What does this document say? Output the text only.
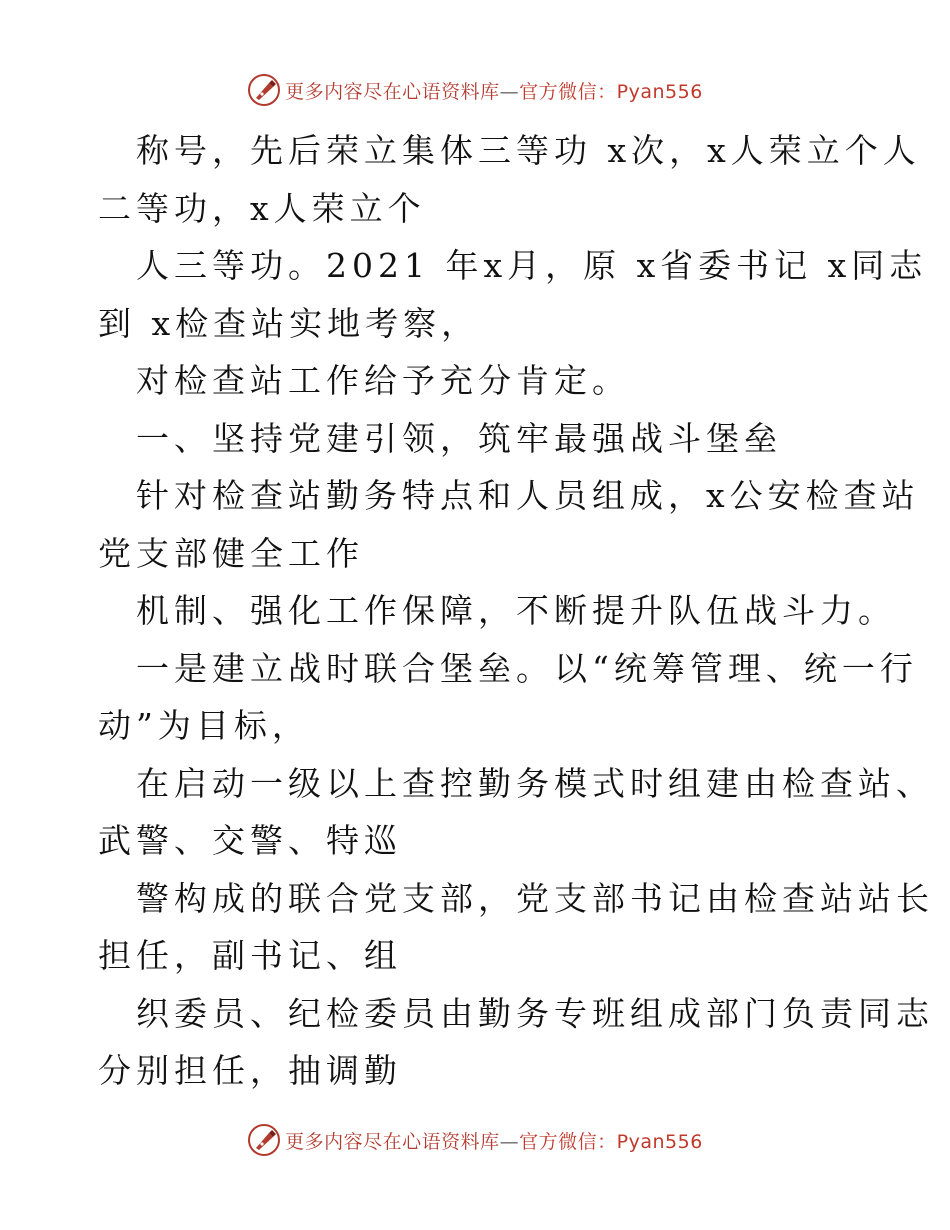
更多内容尽在心语资料库—官方微信：Pyan556
称号，先后荣立集体三等功 x次，x人荣立个人
二等功，x人荣立个
人三等功。2021 年x月，原 x省委书记 x同志
到 x检查站实地考察，
对检查站工作给予充分肯定。
一、坚持党建引领，筑牢最强战斗堡垒
针对检查站勤务特点和人员组成，x公安检查站
党支部健全工作
机制、强化工作保障，不断提升队伍战斗力。
一是建立战时联合堡垒。以“统筹管理、统一行
动”为目标，
在启动一级以上查控勤务模式时组建由检查站、
武警、交警、特巡
警构成的联合党支部，党支部书记由检查站站长
担任，副书记、组
织委员、纪检委员由勤务专班组成部门负责同志
分别担任，抽调勤
更多内容尽在心语资料库—官方微信：Pyan556
